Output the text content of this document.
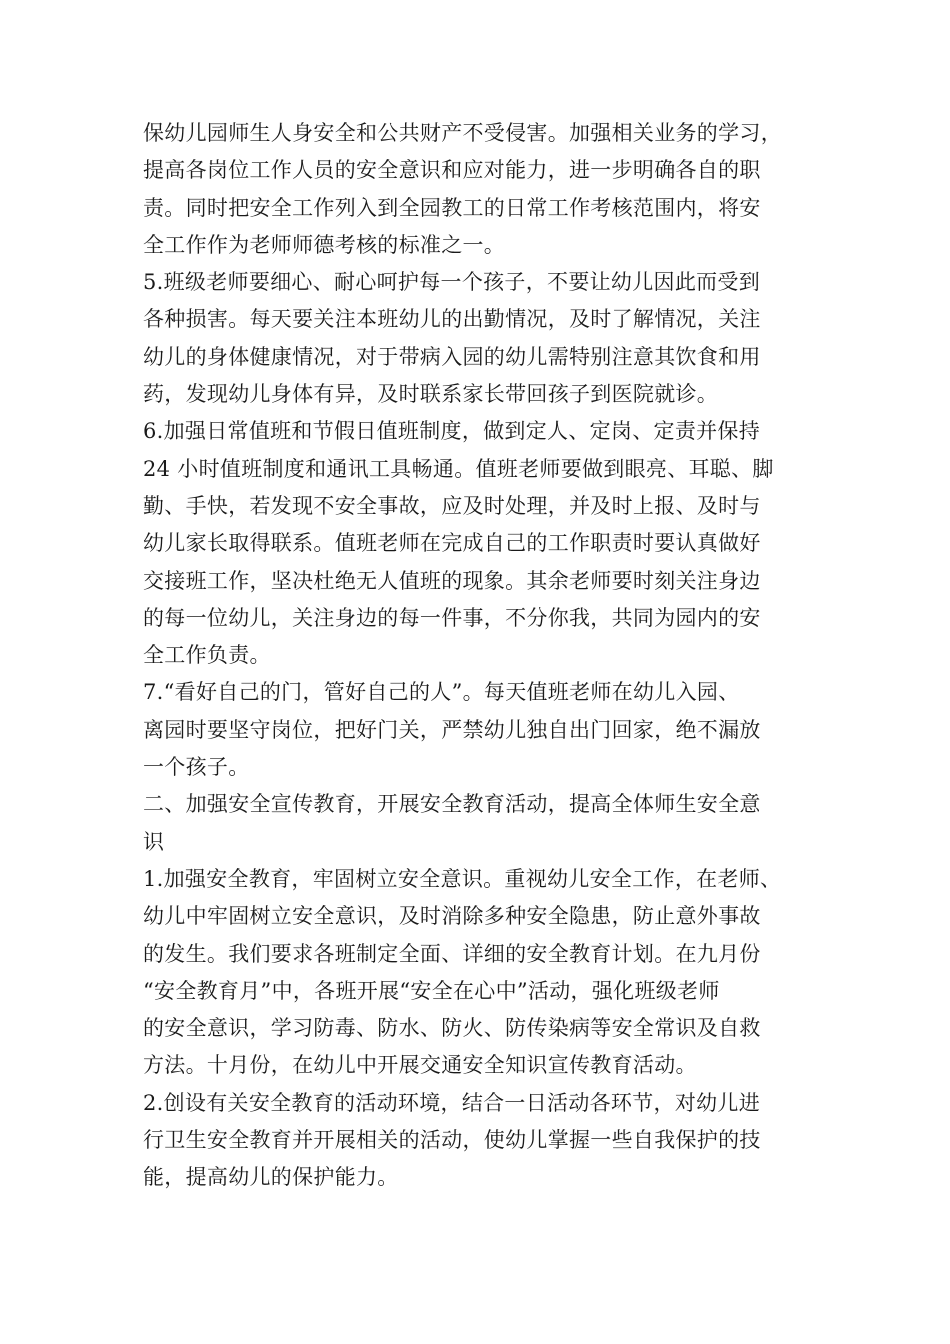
保幼儿园师生人身安全和公共财产不受侵害。加强相关业务的学习，
提高各岗位工作人员的安全意识和应对能力，进一步明确各自的职
责。同时把安全工作列入到全园教工的日常工作考核范围内，将安
全工作作为老师师德考核的标准之一。
5.班级老师要细心、耐心呵护每一个孩子，不要让幼儿因此而受到
各种损害。每天要关注本班幼儿的出勤情况，及时了解情况，关注
幼儿的身体健康情况，对于带病入园的幼儿需特别注意其饮食和用
药，发现幼儿身体有异，及时联系家长带回孩子到医院就诊。
6.加强日常值班和节假日值班制度，做到定人、定岗、定责并保持
24 小时值班制度和通讯工具畅通。值班老师要做到眼亮、耳聪、脚
勤、手快，若发现不安全事故，应及时处理，并及时上报、及时与
幼儿家长取得联系。值班老师在完成自己的工作职责时要认真做好
交接班工作，坚决杜绝无人值班的现象。其余老师要时刻关注身边
的每一位幼儿，关注身边的每一件事，不分你我，共同为园内的安
全工作负责。
7.“看好自己的门，管好自己的人”。每天值班老师在幼儿入园、
离园时要坚守岗位，把好门关，严禁幼儿独自出门回家，绝不漏放
一个孩子。
二、加强安全宣传教育，开展安全教育活动，提高全体师生安全意
识
1.加强安全教育，牢固树立安全意识。重视幼儿安全工作，在老师、
幼儿中牢固树立安全意识，及时消除多种安全隐患，防止意外事故
的发生。我们要求各班制定全面、详细的安全教育计划。在九月份
“安全教育月”中，各班开展“安全在心中”活动，强化班级老师
的安全意识，学习防毒、防水、防火、防传染病等安全常识及自救
方法。十月份，在幼儿中开展交通安全知识宣传教育活动。
2.创设有关安全教育的活动环境，结合一日活动各环节，对幼儿进
行卫生安全教育并开展相关的活动，使幼儿掌握一些自我保护的技
能，提高幼儿的保护能力。
